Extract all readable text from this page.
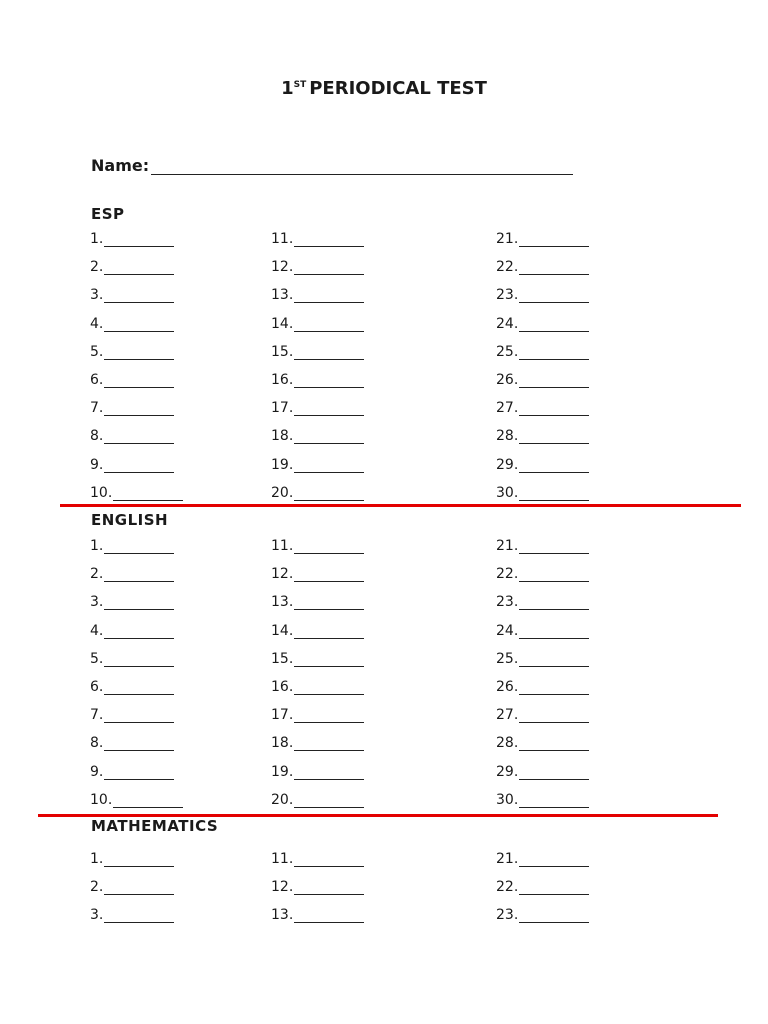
1ST PERIODICAL TEST
Name:
ESP
1.
2.
3.
4.
5.
6.
7.
8.
9.
10.
11.
12.
13.
14.
15.
16.
17.
18.
19.
20.
21.
22.
23.
24.
25.
26.
27.
28.
29.
30.
ENGLISH
1.
2.
3.
4.
5.
6.
7.
8.
9.
10.
11.
12.
13.
14.
15.
16.
17.
18.
19.
20.
21.
22.
23.
24.
25.
26.
27.
28.
29.
30.
MATHEMATICS
1.
2.
3.
11.
12.
13.
21.
22.
23.
